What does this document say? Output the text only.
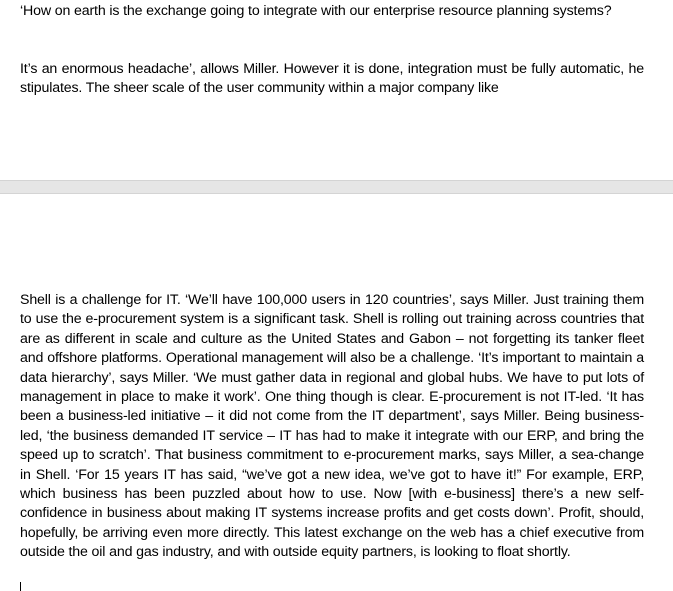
‘How on earth is the exchange going to integrate with our enterprise resource planning systems?

It’s an enormous headache’, allows Miller. However it is done, integration must be fully automatic, he stipulates. The sheer scale of the user community within a major company like

Shell is a challenge for IT. ‘We’ll have 100,000 users in 120 countries’, says Miller. Just training them to use the e-procurement system is a significant task. Shell is rolling out training across countries that are as different in scale and culture as the United States and Gabon – not forgetting its tanker fleet and offshore platforms. Operational management will also be a challenge. ‘It’s important to maintain a data hierarchy’, says Miller. ‘We must gather data in regional and global hubs. We have to put lots of management in place to make it work’. One thing though is clear. E-procurement is not IT-led. ‘It has been a business-led initiative – it did not come from the IT department’, says Miller. Being business-led, ‘the business demanded IT service – IT has had to make it integrate with our ERP, and bring the speed up to scratch’. That business commitment to e-procurement marks, says Miller, a sea-change in Shell. ‘For 15 years IT has said, “we’ve got a new idea, we’ve got to have it!” For example, ERP, which business has been puzzled about how to use. Now [with e-business] there’s a new self-confidence in business about making IT systems increase profits and get costs down’. Profit, should, hopefully, be arriving even more directly. This latest exchange on the web has a chief executive from outside the oil and gas industry, and with outside equity partners, is looking to float shortly.
